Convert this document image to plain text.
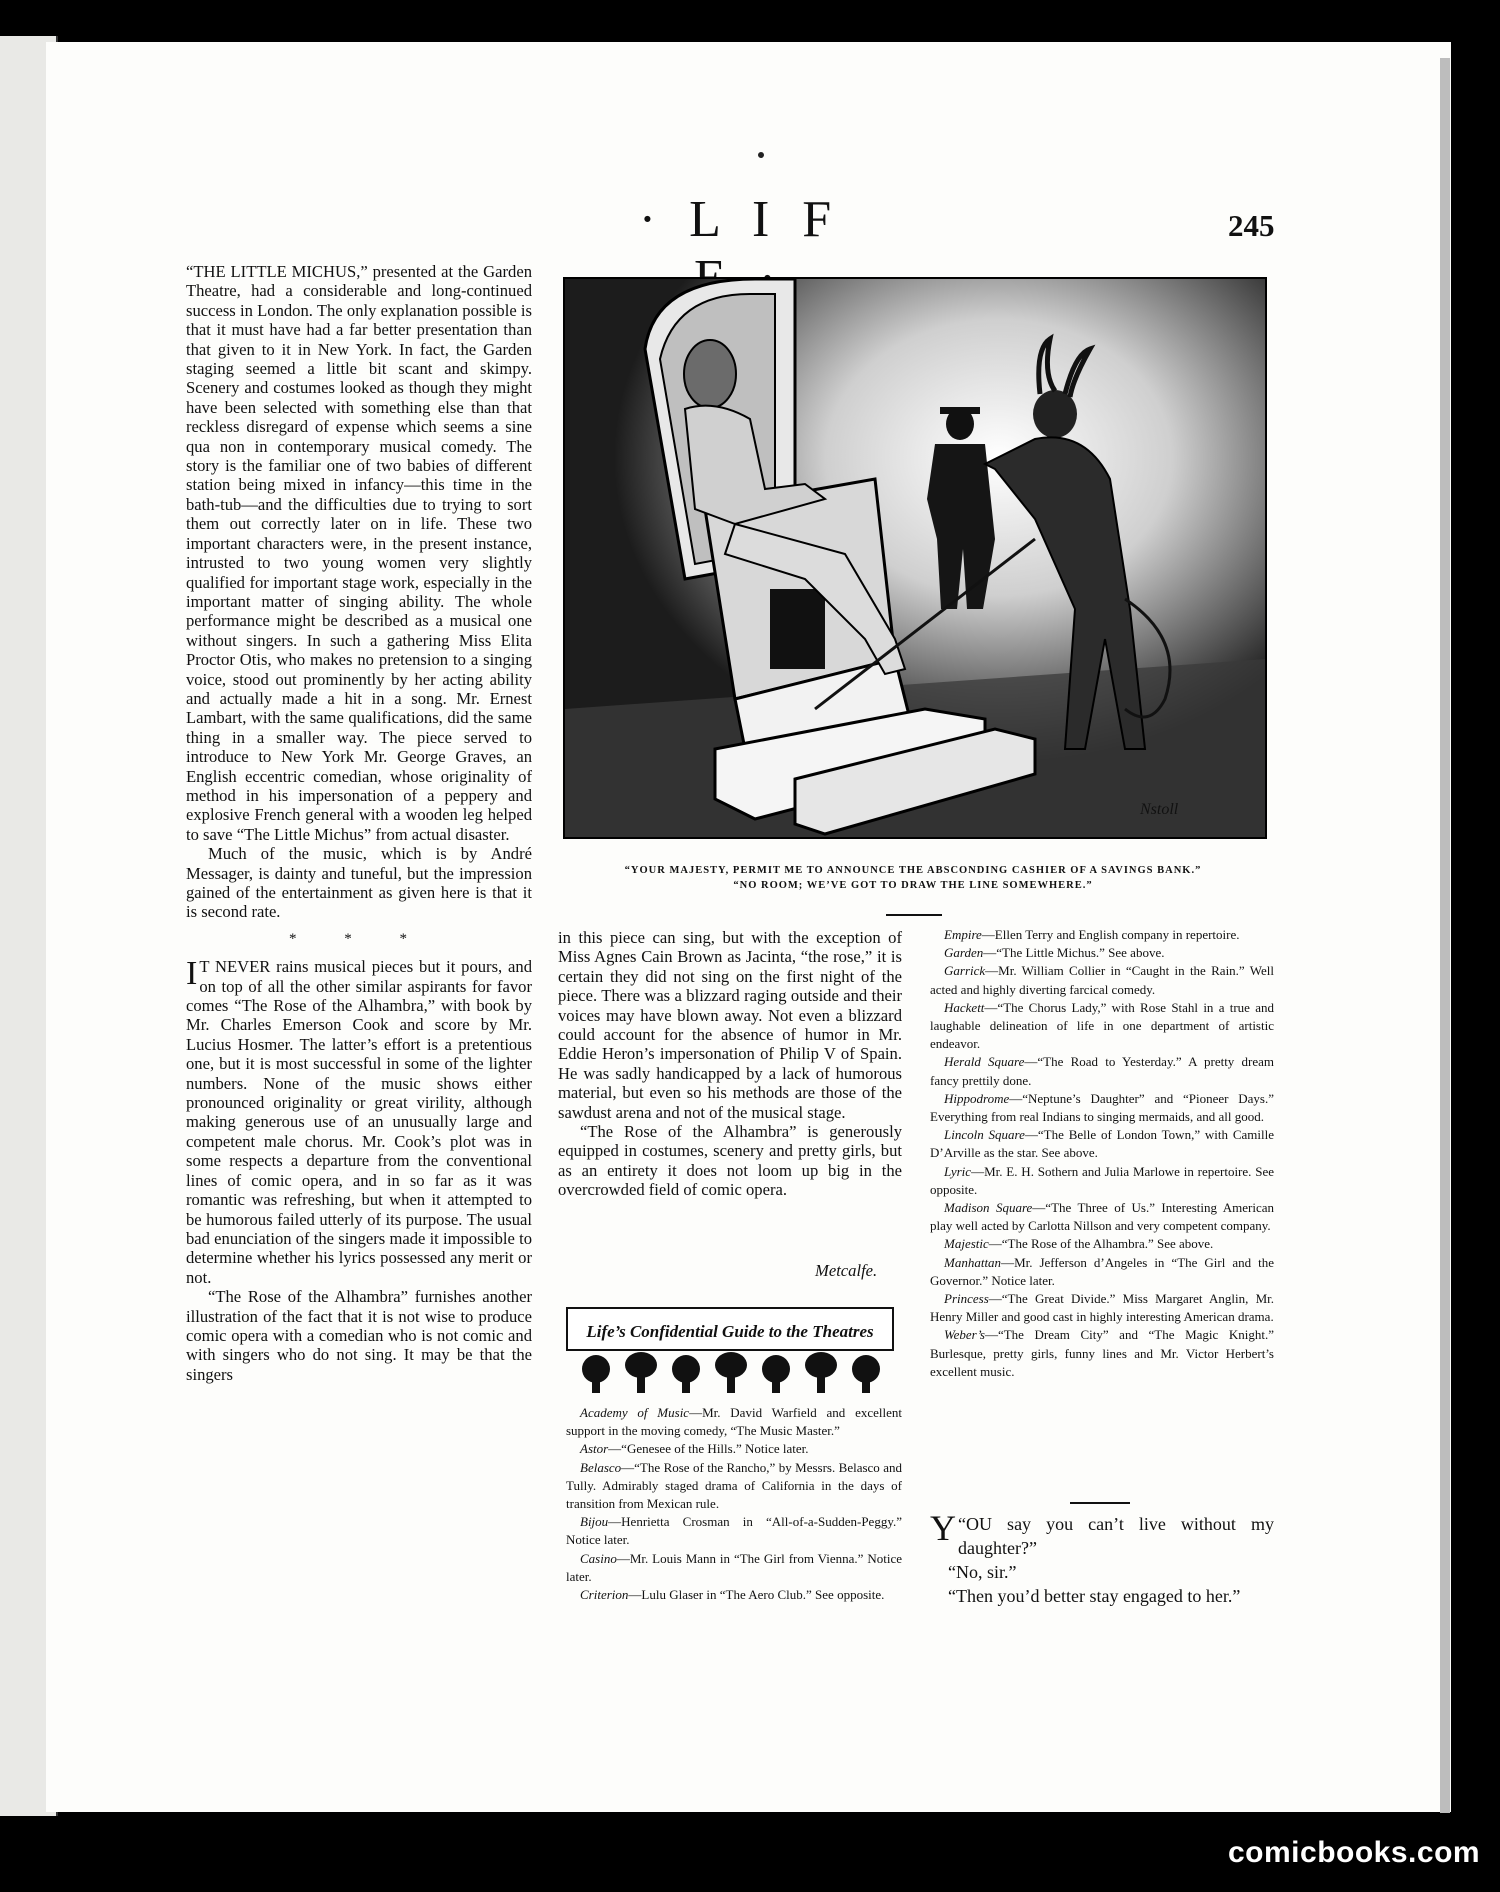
· L I F	245

“THE LITTLE MICHUS,” presented at the Garden Theatre, had a considerable and long-continued success in London. The only explanation possible is that it must have had a far better presentation than that given to it in New York. In fact, the Garden staging seemed a little bit scant and skimpy. Scenery and costumes looked as though they might have been selected with something else than that reckless disregard of expense which seems a sine qua non in contemporary musical comedy. The story is the familiar one of two babies of different station being mixed in infancy—this time in the bath-tub—and the difficulties due to trying to sort them out correctly later on in life. These two important characters were, in the present instance, intrusted to two young women very slightly qualified for important stage work, especially in the important matter of singing ability. The whole performance might be described as a musical one without singers. In such a gathering Miss Elita Proctor Otis, who makes no pretension to a singing voice, stood out prominently by her acting ability and actually made a hit in a song. Mr. Ernest Lambart, with the same qualifications, did the same thing in a smaller way. The piece served to introduce to New York Mr. George Graves, an English eccentric comedian, whose originality of method in his impersonation of a peppery and explosive French general with a wooden leg helped to save “The Little Michus” from actual disaster.

Much of the music, which is by André Messager, is dainty and tuneful, but the impression gained of the entertainment as given here is that it is second rate.

* * *

I T NEVER rains musical pieces but it pours, and on top of all the other similar aspirants for favor comes “The Rose of the Alhambra,” with book by Mr. Charles Emerson Cook and score by Mr. Lucius Hosmer. The latter’s effort is a pretentious one, but it is most successful in some of the lighter numbers. None of the music shows either pronounced originality or great virility, although making generous use of an unusually large and competent male chorus. Mr. Cook’s plot was in some respects a departure from the conventional lines of comic opera, and in so far as it was romantic was refreshing, but when it attempted to be humorous failed utterly of its purpose. The usual bad enunciation of the singers made it impossible to determine whether his lyrics possessed any merit or not.

“The Rose of the Alhambra” furnishes another illustration of the fact that it is not wise to produce comic opera with a comedian who is not comic and with singers who do not sing. It may be that the singers

Nstoll
“YOUR MAJESTY, PERMIT ME TO ANNOUNCE THE ABSCONDING CASHIER OF A SAVINGS BANK.”
“NO ROOM; WE’VE GOT TO DRAW THE LINE SOMEWHERE.”

in this piece can sing, but with the exception of Miss Agnes Cain Brown as Jacinta, “the rose,” it is certain they did not sing on the first night of the piece. There was a blizzard raging outside and their voices may have blown away. Not even a blizzard could account for the absence of humor in Mr. Eddie Heron’s impersonation of Philip V of Spain. He was sadly handicapped by a lack of humorous material, but even so his methods are those of the sawdust arena and not of the musical stage.

“The Rose of the Alhambra” is generously equipped in costumes, scenery and pretty girls, but as an entirety it does not loom up big in the overcrowded field of comic opera.

Metcalfe.
Life’s Confidential Guide to the Theatres

Academy of Music—Mr. David Warfield and excellent support in the moving comedy, “The Music Master.”

Astor—“Genesee of the Hills.” Notice later.

Belasco—“The Rose of the Rancho,” by Messrs. Belasco and Tully. Admirably staged drama of California in the days of transition from Mexican rule.

Bijou—Henrietta Crosman in “All-of-a-Sudden-Peggy.” Notice later.

Casino—Mr. Louis Mann in “The Girl from Vienna.” Notice later.

Criterion—Lulu Glaser in “The Aero Club.” See opposite.

Empire—Ellen Terry and English company in repertoire.

Garden—“The Little Michus.” See above.

Garrick—Mr. William Collier in “Caught in the Rain.” Well acted and highly diverting farcical comedy.

Hackett—“The Chorus Lady,” with Rose Stahl in a true and laughable delineation of life in one department of artistic endeavor.

Herald Square—“The Road to Yesterday.” A pretty dream fancy prettily done.

Hippodrome—“Neptune’s Daughter” and “Pioneer Days.” Everything from real Indians to singing mermaids, and all good.

Lincoln Square—“The Belle of London Town,” with Camille D’Arville as the star. See above.

Lyric—Mr. E. H. Sothern and Julia Marlowe in repertoire. See opposite.

Madison Square—“The Three of Us.” Interesting American play well acted by Carlotta Nillson and very competent company.

Majestic—“The Rose of the Alhambra.” See above.

Manhattan—Mr. Jefferson d’Angeles in “The Girl and the Governor.” Notice later.

Princess—“The Great Divide.” Miss Margaret Anglin, Mr. Henry Miller and good cast in highly interesting American drama.

Weber’s—“The Dream City” and “The Magic Knight.” Burlesque, pretty girls, funny lines and Mr. Victor Herbert’s excellent music.

“
Y OU say you can’t live without my daughter?”

“No, sir.”

“Then you’d better stay engaged to her.”

comicbooks.com
